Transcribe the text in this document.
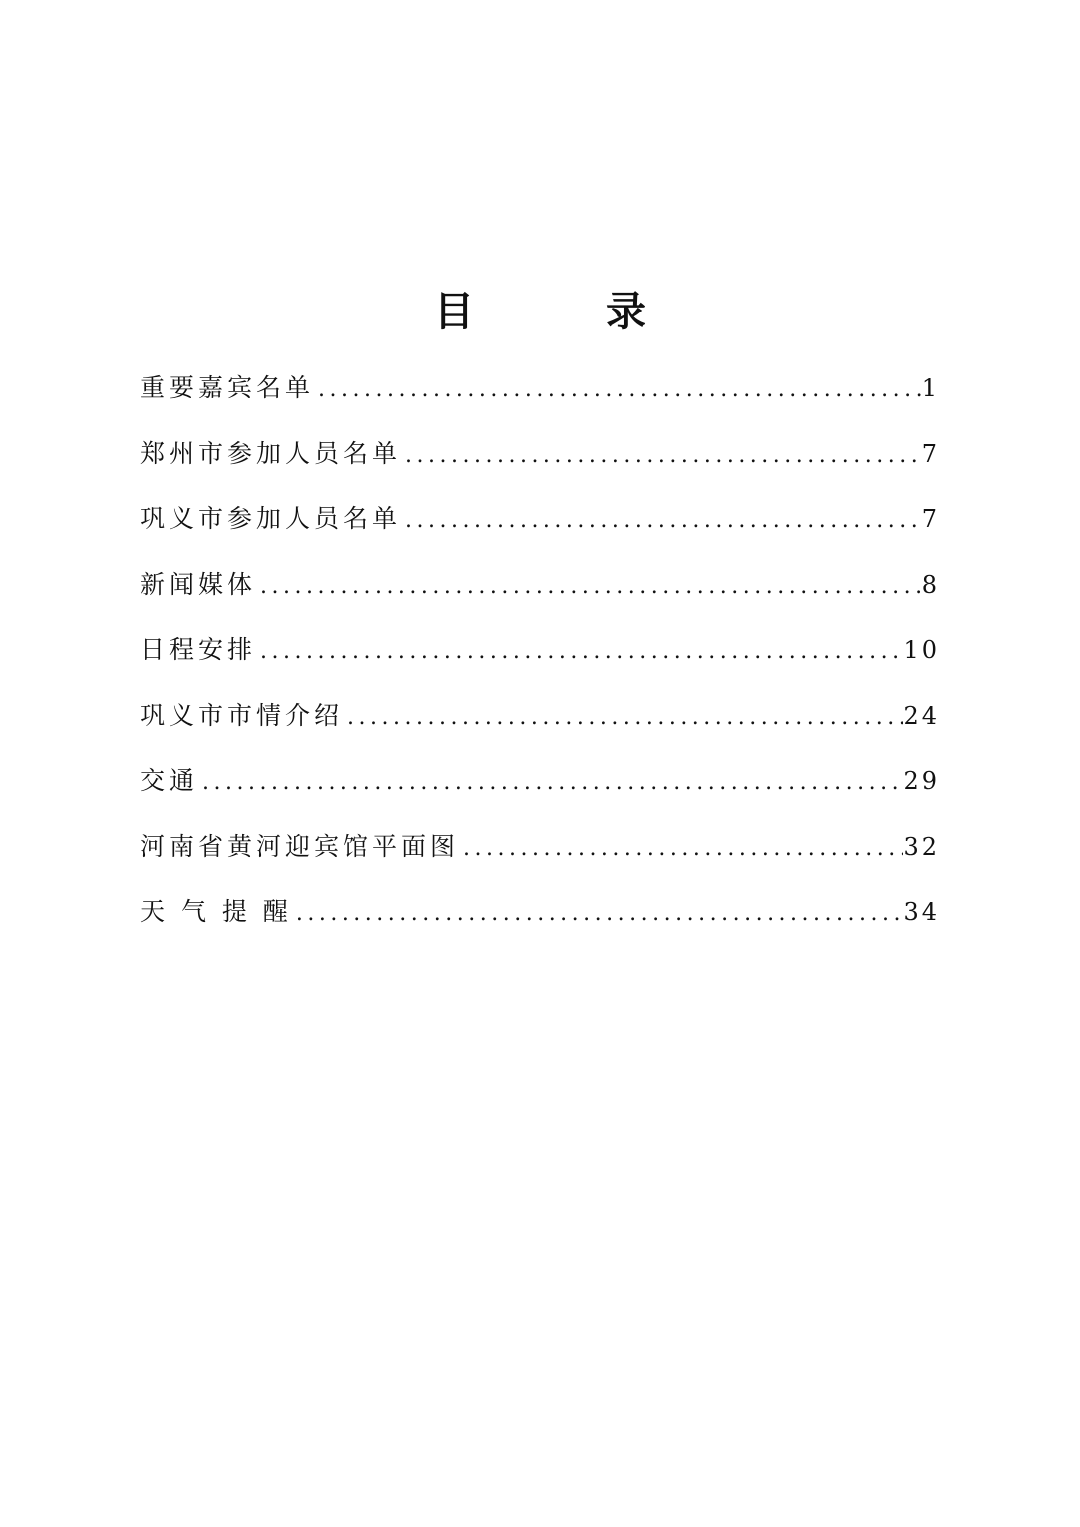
目　录
重要嘉宾名单 .....	1
郑州市参加人员名单 .....	7
巩义市参加人员名单 .....	7
新闻媒体 .....	8
日程安排 .....	10
巩义市市情介绍 .....	24
交通 .....	29
河南省黄河迎宾馆平面图 .....	32
天 气 提 醒 .....	34
